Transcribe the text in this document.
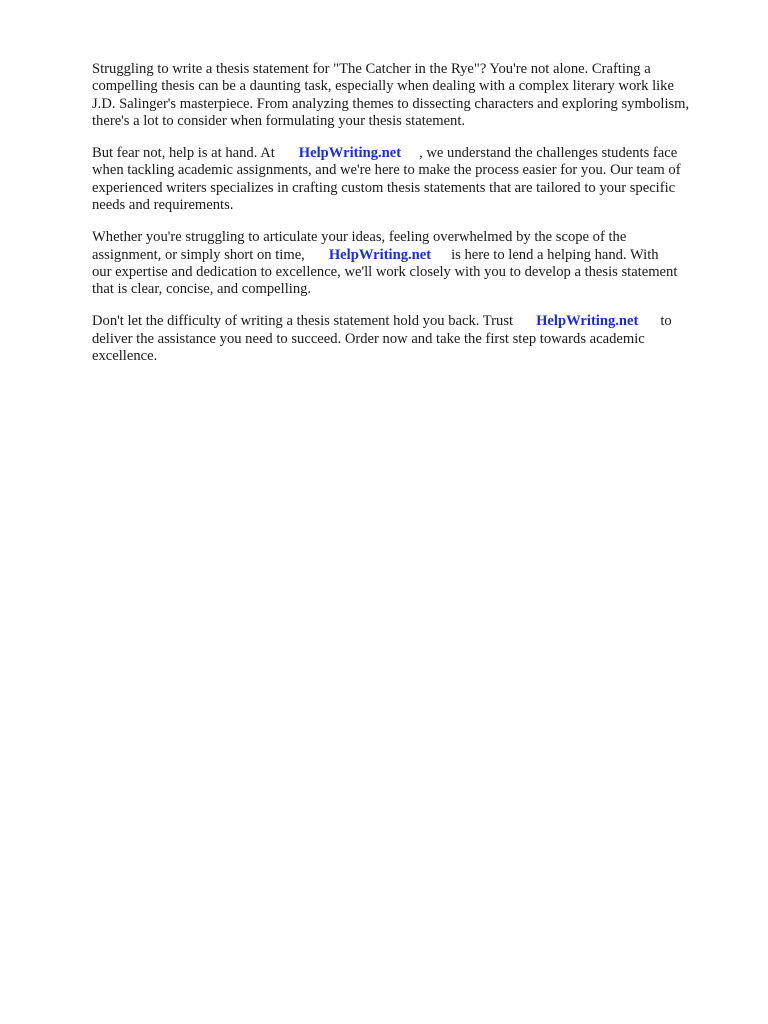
Struggling to write a thesis statement for "The Catcher in the Rye"? You're not alone. Crafting a
compelling thesis can be a daunting task, especially when dealing with a complex literary work like
J.D. Salinger's masterpiece. From analyzing themes to dissecting characters and exploring symbolism,
there's a lot to consider when formulating your thesis statement.
But fear not, help is at hand. At HelpWriting.net , we understand the challenges students face
when tackling academic assignments, and we're here to make the process easier for you. Our team of
experienced writers specializes in crafting custom thesis statements that are tailored to your specific
needs and requirements.
Whether you're struggling to articulate your ideas, feeling overwhelmed by the scope of the
assignment, or simply short on time, HelpWriting.net is here to lend a helping hand. With
our expertise and dedication to excellence, we'll work closely with you to develop a thesis statement
that is clear, concise, and compelling.
Don't let the difficulty of writing a thesis statement hold you back. Trust HelpWriting.net to
deliver the assistance you need to succeed. Order now and take the first step towards academic
excellence.
